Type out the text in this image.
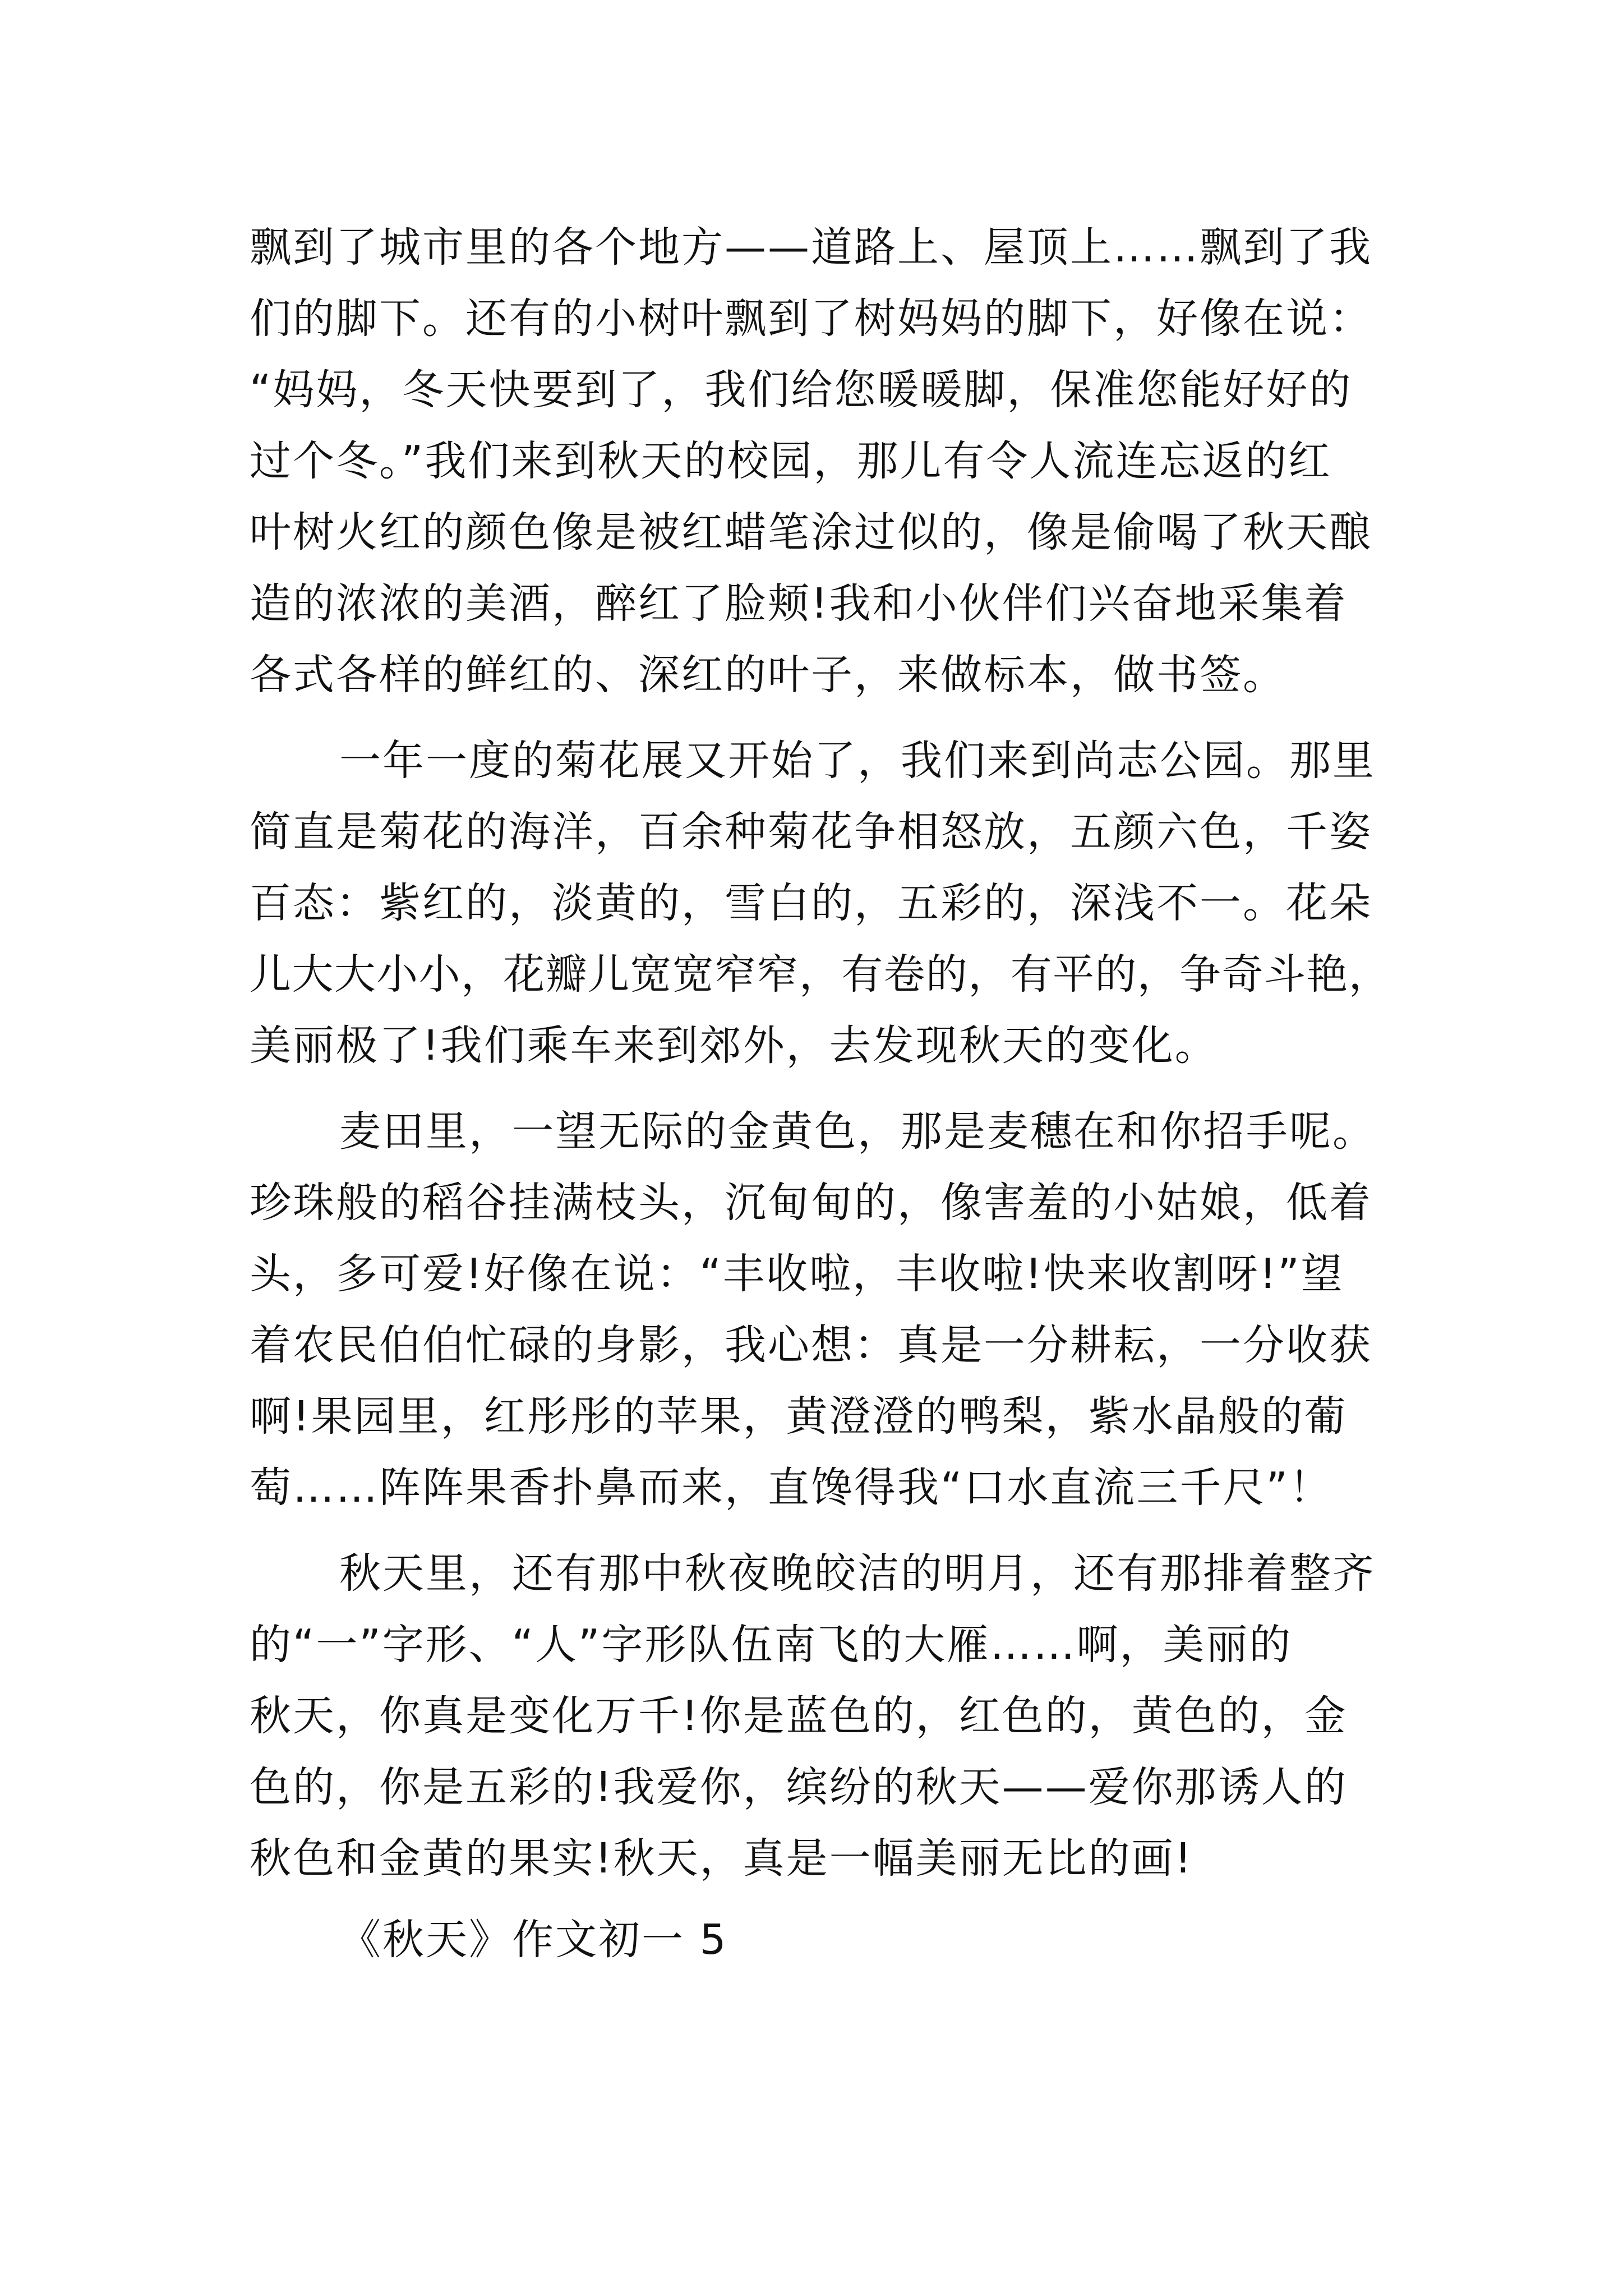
飘到了城市里的各个地方——道路上、屋顶上……飘到了我

们的脚下。还有的小树叶飘到了树妈妈的脚下，好像在说：

“妈妈，冬天快要到了，我们给您暖暖脚，保准您能好好的

过个冬。”我们来到秋天的校园，那儿有令人流连忘返的红

叶树火红的颜色像是被红蜡笔涂过似的，像是偷喝了秋天酿

造的浓浓的美酒，醉红了脸颊!我和小伙伴们兴奋地采集着

各式各样的鲜红的、深红的叶子，来做标本，做书签。

一年一度的菊花展又开始了，我们来到尚志公园。那里

简直是菊花的海洋，百余种菊花争相怒放，五颜六色，千姿

百态：紫红的，淡黄的，雪白的，五彩的，深浅不一。花朵

儿大大小小，花瓣儿宽宽窄窄，有卷的，有平的，争奇斗艳，

美丽极了!我们乘车来到郊外，去发现秋天的变化。

麦田里，一望无际的金黄色，那是麦穗在和你招手呢。

珍珠般的稻谷挂满枝头，沉甸甸的，像害羞的小姑娘，低着

头，多可爱!好像在说：“丰收啦，丰收啦!快来收割呀!”望

着农民伯伯忙碌的身影，我心想：真是一分耕耘，一分收获

啊!果园里，红彤彤的苹果，黄澄澄的鸭梨，紫水晶般的葡

萄……阵阵果香扑鼻而来，直馋得我“口水直流三千尺”！

秋天里，还有那中秋夜晚皎洁的明月，还有那排着整齐

的“一”字形、“人”字形队伍南飞的大雁……啊，美丽的

秋天，你真是变化万千!你是蓝色的，红色的，黄色的，金

色的，你是五彩的!我爱你，缤纷的秋天——爱你那诱人的

秋色和金黄的果实!秋天，真是一幅美丽无比的画!

《秋天》作文初一 5
